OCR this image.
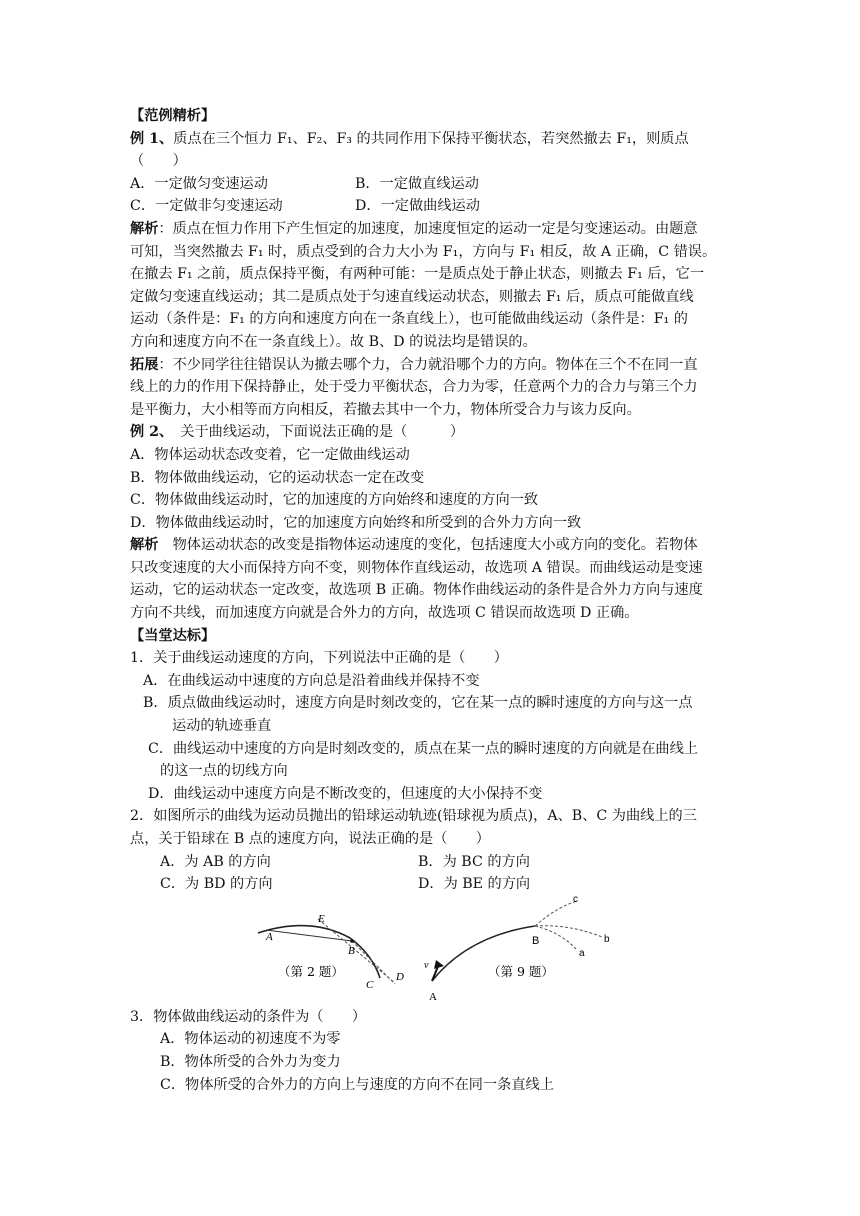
【范例精析】
例 1、质点在三个恒力 F₁、F₂、F₃ 的共同作用下保持平衡状态，若突然撤去 F₁，则质点
（　　）
A．一定做匀变速运动	B．一定做直线运动
C．一定做非匀变速运动	D．一定做曲线运动
解析：质点在恒力作用下产生恒定的加速度，加速度恒定的运动一定是匀变速运动。由题意
可知，当突然撤去 F₁ 时，质点受到的合力大小为 F₁，方向与 F₁ 相反，故 A 正确，C 错误。
在撤去 F₁ 之前，质点保持平衡，有两种可能：一是质点处于静止状态，则撤去 F₁ 后，它一
定做匀变速直线运动；其二是质点处于匀速直线运动状态，则撤去 F₁ 后，质点可能做直线
运动（条件是：F₁ 的方向和速度方向在一条直线上），也可能做曲线运动（条件是：F₁ 的
方向和速度方向不在一条直线上）。故 B、D 的说法均是错误的。
拓展：不少同学往往错误认为撤去哪个力，合力就沿哪个力的方向。物体在三个不在同一直
线上的力的作用下保持静止，处于受力平衡状态，合力为零，任意两个力的合力与第三个力
是平衡力，大小相等而方向相反，若撤去其中一个力，物体所受合力与该力反向。
例 2、　关于曲线运动，下面说法正确的是（　　　）
A．物体运动状态改变着，它一定做曲线运动
B．物体做曲线运动，它的运动状态一定在改变
C．物体做曲线运动时，它的加速度的方向始终和速度的方向一致
D．物体做曲线运动时，它的加速度方向始终和所受到的合外力方向一致
解析　物体运动状态的改变是指物体运动速度的变化，包括速度大小或方向的变化。若物体
只改变速度的大小而保持方向不变，则物体作直线运动，故选项 A 错误。而曲线运动是变速
运动，它的运动状态一定改变，故选项 B 正确。物体作曲线运动的条件是合外力方向与速度
方向不共线，而加速度方向就是合外力的方向，故选项 C 错误而故选项 D 正确。
【当堂达标】
1．关于曲线运动速度的方向，下列说法中正确的是（　　）
A．在曲线运动中速度的方向总是沿着曲线并保持不变
B．质点做曲线运动时，速度方向是时刻改变的，它在某一点的瞬时速度的方向与这一点
运动的轨迹垂直
C．曲线运动中速度的方向是时刻改变的，质点在某一点的瞬时速度的方向就是在曲线上
的这一点的切线方向
D．曲线运动中速度方向是不断改变的，但速度的大小保持不变
2．如图所示的曲线为运动员抛出的铅球运动轨迹(铅球视为质点)，A、B、C 为曲线上的三
点，关于铅球在 B 点的速度方向，说法正确的是（　　）
A．为 AB 的方向	B．为 BC 的方向
C．为 BD 的方向	D．为 BE 的方向
A
E
B
C
D
（第 2 题）	v
A
B
c
b
a
（第 9 题）
3．物体做曲线运动的条件为（　　）
A．物体运动的初速度不为零
B．物体所受的合外力为变力
C．物体所受的合外力的方向上与速度的方向不在同一条直线上
